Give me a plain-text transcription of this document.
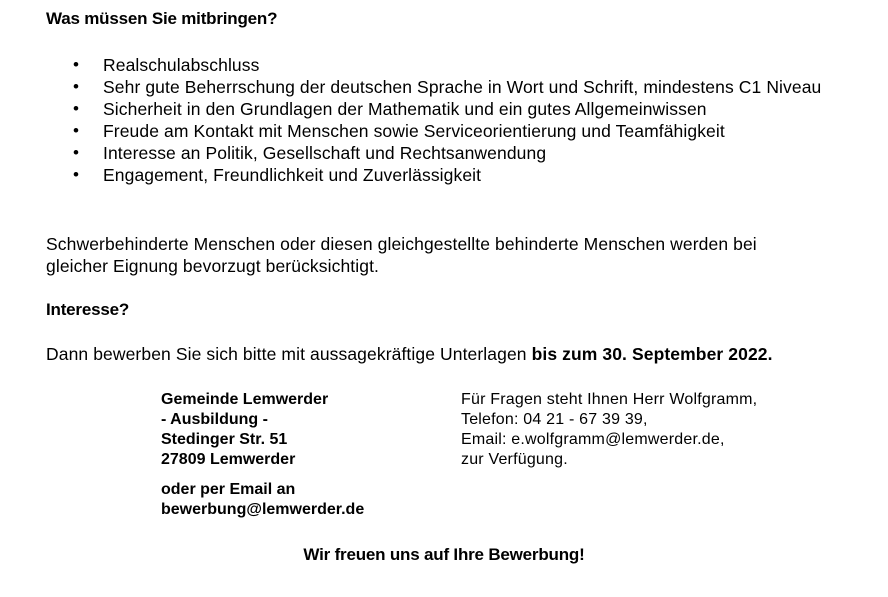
Was müssen Sie mitbringen?
• Realschulabschluss
• Sehr gute Beherrschung der deutschen Sprache in Wort und Schrift, mindestens C1 Niveau
• Sicherheit in den Grundlagen der Mathematik und ein gutes Allgemeinwissen
• Freude am Kontakt mit Menschen sowie Serviceorientierung und Teamfähigkeit
• Interesse an Politik, Gesellschaft und Rechtsanwendung
• Engagement, Freundlichkeit und Zuverlässigkeit
Schwerbehinderte Menschen oder diesen gleichgestellte behinderte Menschen werden bei gleicher Eignung bevorzugt berücksichtigt.
Interesse?
Dann bewerben Sie sich bitte mit aussagekräftige Unterlagen bis zum 30. September 2022.
Gemeinde Lemwerder
- Ausbildung -
Stedinger Str. 51
27809 Lemwerder
oder per Email an
bewerbung@lemwerder.de
Für Fragen steht Ihnen Herr Wolfgramm,
Telefon: 04 21 - 67 39 39,
Email: e.wolfgramm@lemwerder.de,
zur Verfügung.
Wir freuen uns auf Ihre Bewerbung!
